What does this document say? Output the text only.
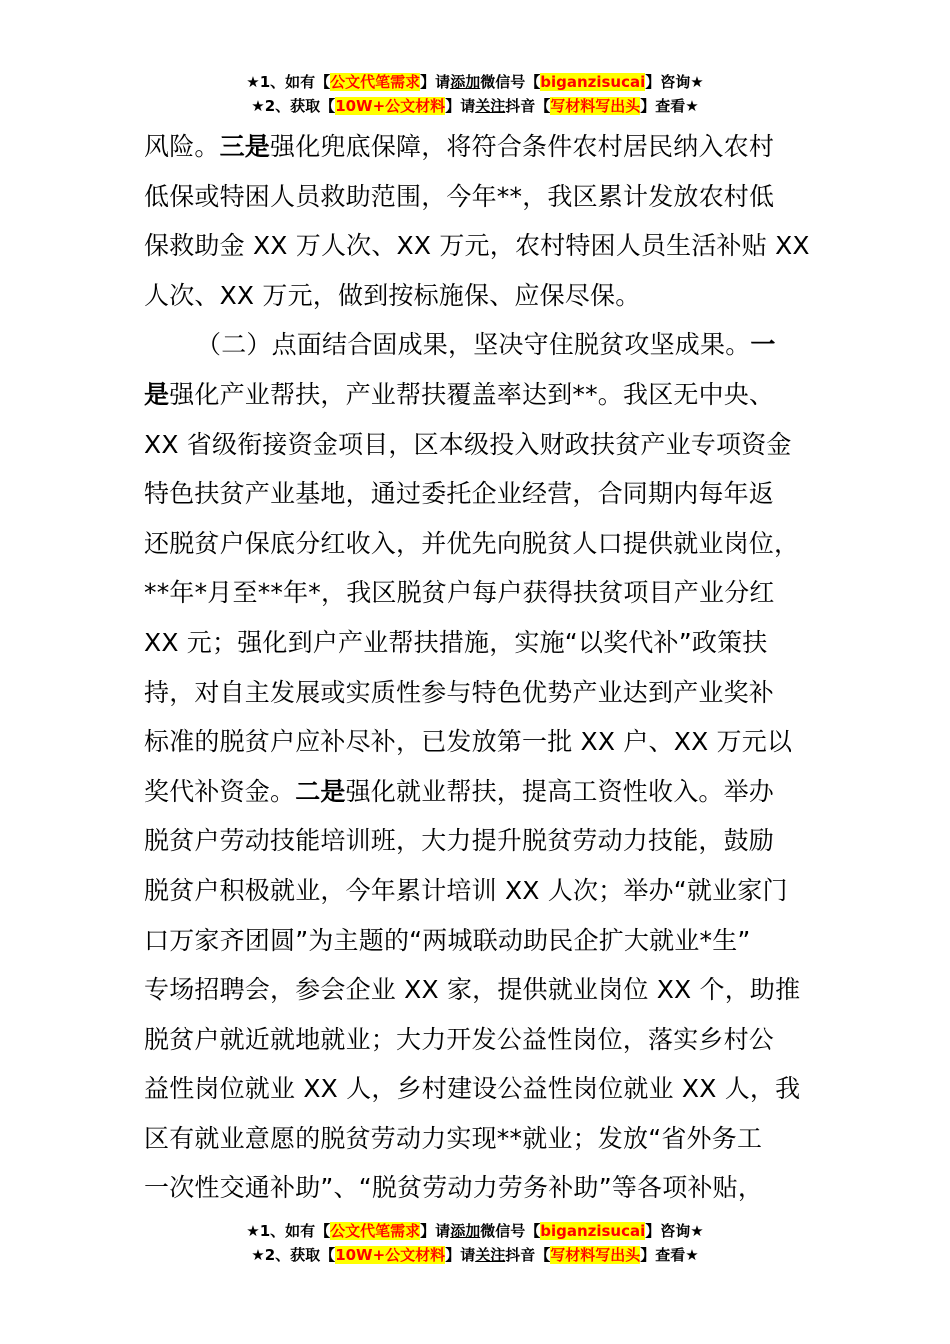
★1、如有【公文代笔需求】请添加微信号【biganzisucai】咨询★
★2、获取【10W+公文材料】请关注抖音【写材料写出头】查看★
风险。三是强化兜底保障，将符合条件农村居民纳入农村
低保或特困人员救助范围，今年**，我区累计发放农村低
保救助金 XX 万人次、XX 万元，农村特困人员生活补贴 XX
人次、XX 万元，做到按标施保、应保尽保。
（二）点面结合固成果，坚决守住脱贫攻坚成果。一
是强化产业帮扶，产业帮扶覆盖率达到**。我区无中央、
XX 省级衔接资金项目，区本级投入财政扶贫产业专项资金
特色扶贫产业基地，通过委托企业经营，合同期内每年返
还脱贫户保底分红收入，并优先向脱贫人口提供就业岗位，
**年*月至**年*，我区脱贫户每户获得扶贫项目产业分红
XX 元；强化到户产业帮扶措施，实施“以奖代补”政策扶
持，对自主发展或实质性参与特色优势产业达到产业奖补
标准的脱贫户应补尽补，已发放第一批 XX 户、XX 万元以
奖代补资金。二是强化就业帮扶，提高工资性收入。举办
脱贫户劳动技能培训班，大力提升脱贫劳动力技能，鼓励
脱贫户积极就业，今年累计培训 XX 人次；举办“就业家门
口万家齐团圆”为主题的“两城联动助民企扩大就业*生”
专场招聘会，参会企业 XX 家，提供就业岗位 XX 个，助推
脱贫户就近就地就业；大力开发公益性岗位，落实乡村公
益性岗位就业 XX 人，乡村建设公益性岗位就业 XX 人，我
区有就业意愿的脱贫劳动力实现**就业；发放“省外务工
一次性交通补助”、“脱贫劳动力劳务补助”等各项补贴，
★1、如有【公文代笔需求】请添加微信号【biganzisucai】咨询★
★2、获取【10W+公文材料】请关注抖音【写材料写出头】查看★
